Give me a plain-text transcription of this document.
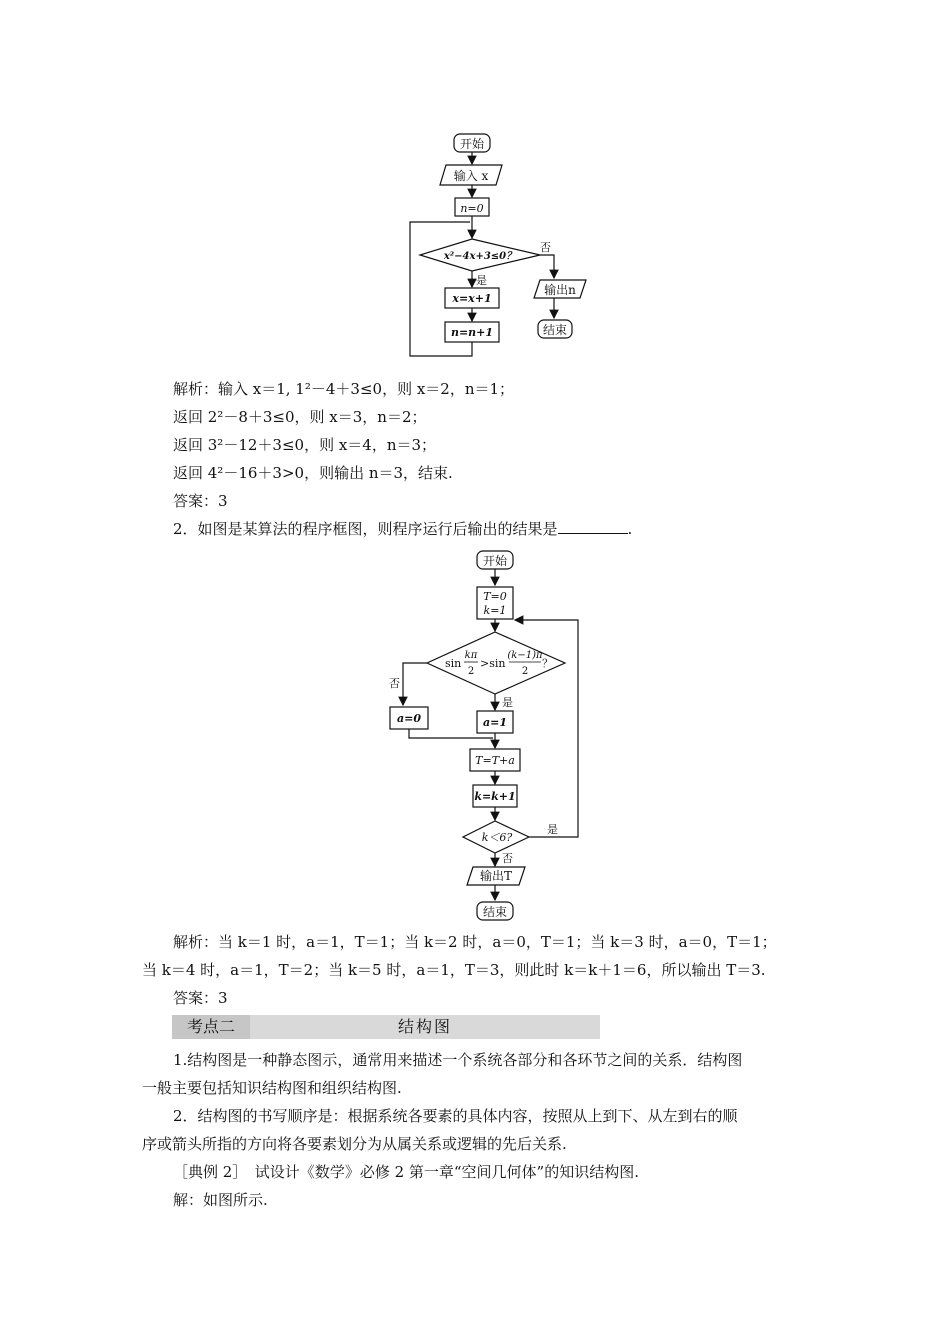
开始
输入 x
n=0
x²−4x+3≤0？
否
是
x=x+1
n=n+1
输出n
结束
解析：输入 x＝1, 1²－4＋3≤0，则 x＝2，n＝1；
返回 2²－8＋3≤0，则 x＝3，n＝2；
返回 3²－12＋3≤0，则 x＝4，n＝3；
返回 4²－16＋3>0，则输出 n＝3，结束.
答案：3
2．如图是某算法的程序框图，则程序运行后输出的结果是	.
开始
T=0
k=1
sin
kπ
2
>sin
(k−1)π
2
？
否
是
a=0	a=1
T=T+a
k=k+1
k＜6?
是
否
输出T
结束
解析：当 k＝1 时，a＝1，T＝1；当 k＝2 时，a＝0，T＝1；当 k＝3 时，a＝0，T＝1；
当 k＝4 时，a＝1，T＝2；当 k＝5 时，a＝1，T＝3，则此时 k＝k＋1＝6，所以输出 T＝3.
答案：3
考点二	结构图
1.结构图是一种静态图示，通常用来描述一个系统各部分和各环节之间的关系．结构图
一般主要包括知识结构图和组织结构图.
2．结构图的书写顺序是：根据系统各要素的具体内容，按照从上到下、从左到右的顺
序或箭头所指的方向将各要素划分为从属关系或逻辑的先后关系.
［典例 2］　试设计《数学》必修 2 第一章“空间几何体”的知识结构图.
解：如图所示.
